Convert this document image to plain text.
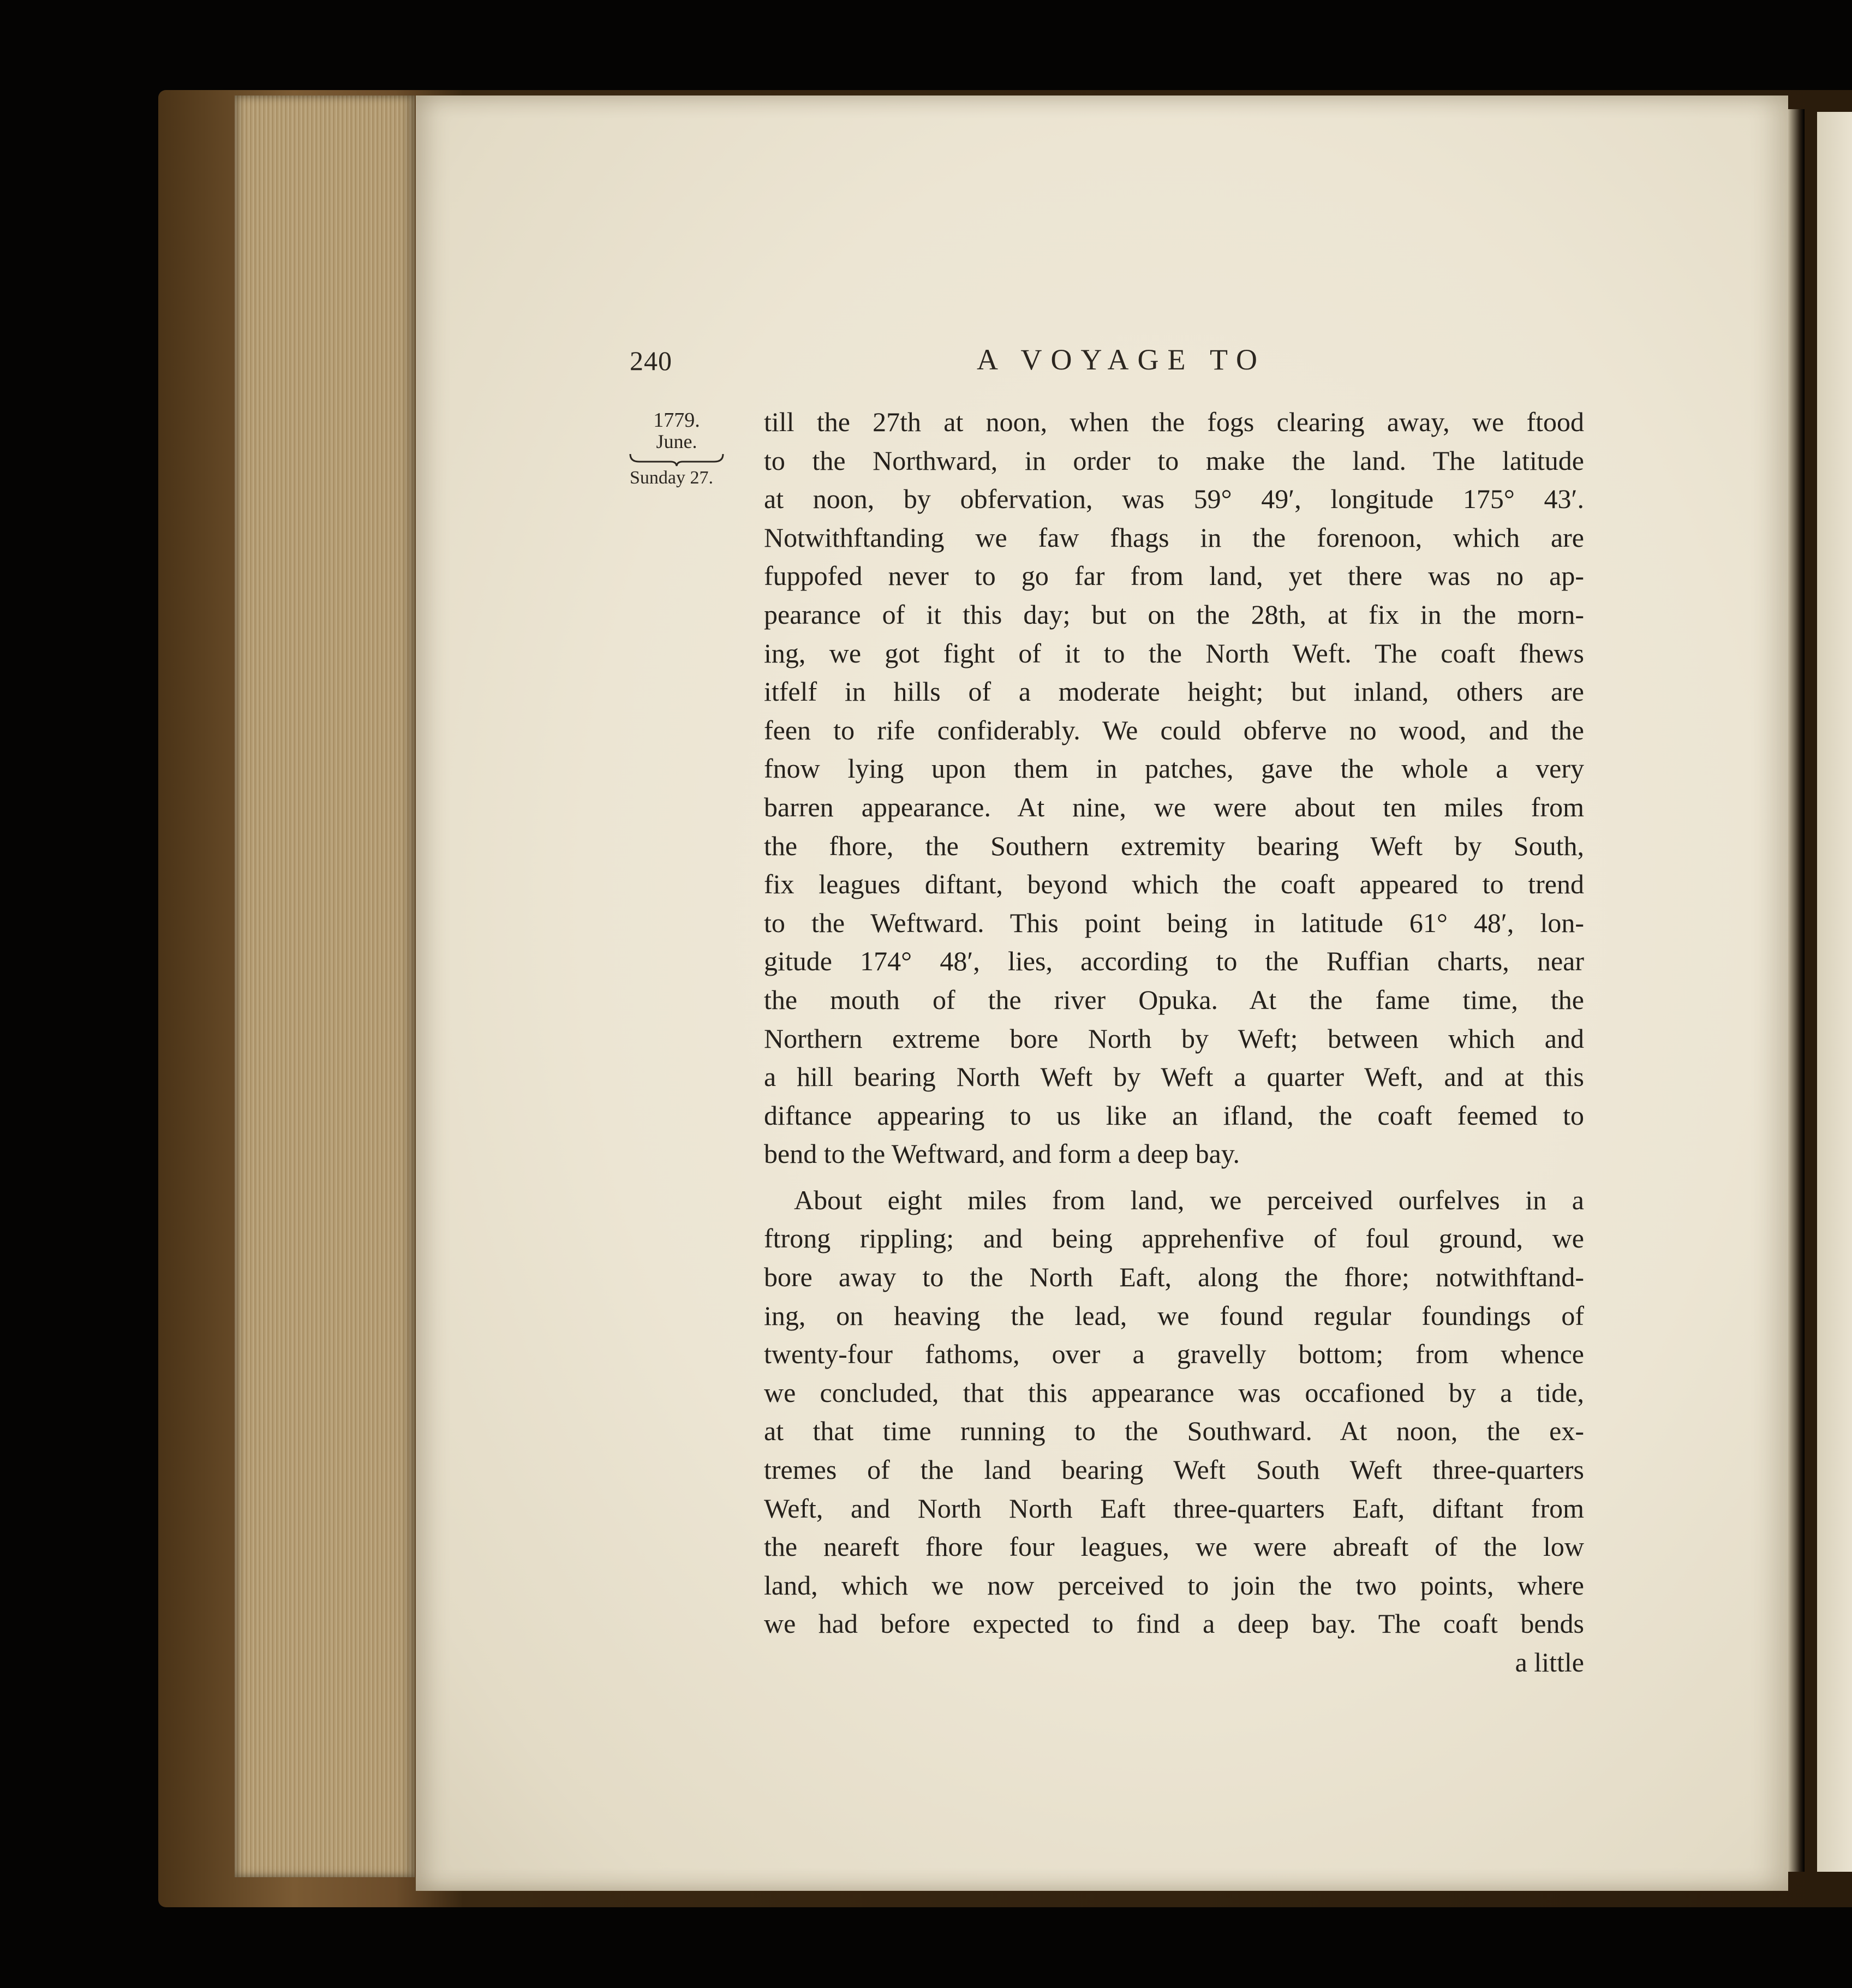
240	A VOYAGE TO
1779.
June.
Sunday 27.
till the 27th at noon, when the fogs clearing away, we ftood
to the Northward, in order to make the land. The latitude
at noon, by obfervation, was 59° 49′, longitude 175° 43′.
Notwithftanding we faw fhags in the forenoon, which are
fuppofed never to go far from land, yet there was no ap-
pearance of it this day; but on the 28th, at fix in the morn-
ing, we got fight of it to the North Weft. The coaft fhews
itfelf in hills of a moderate height; but inland, others are
feen to rife confiderably. We could obferve no wood, and the
fnow lying upon them in patches, gave the whole a very
barren appearance. At nine, we were about ten miles from
the fhore, the Southern extremity bearing Weft by South,
fix leagues diftant, beyond which the coaft appeared to trend
to the Weftward. This point being in latitude 61° 48′, lon-
gitude 174° 48′, lies, according to the Ruffian charts, near
the mouth of the river Opuka. At the fame time, the
Northern extreme bore North by Weft; between which and
a hill bearing North Weft by Weft a quarter Weft, and at this
diftance appearing to us like an ifland, the coaft feemed to
bend to the Weftward, and form a deep bay.
About eight miles from land, we perceived ourfelves in a
ftrong rippling; and being apprehenfive of foul ground, we
bore away to the North Eaft, along the fhore; notwithftand-
ing, on heaving the lead, we found regular foundings of
twenty-four fathoms, over a gravelly bottom; from whence
we concluded, that this appearance was occafioned by a tide,
at that time running to the Southward. At noon, the ex-
tremes of the land bearing Weft South Weft three-quarters
Weft, and North North Eaft three-quarters Eaft, diftant from
the neareft fhore four leagues, we were abreaft of the low
land, which we now perceived to join the two points, where
we had before expected to find a deep bay. The coaft bends
a little
